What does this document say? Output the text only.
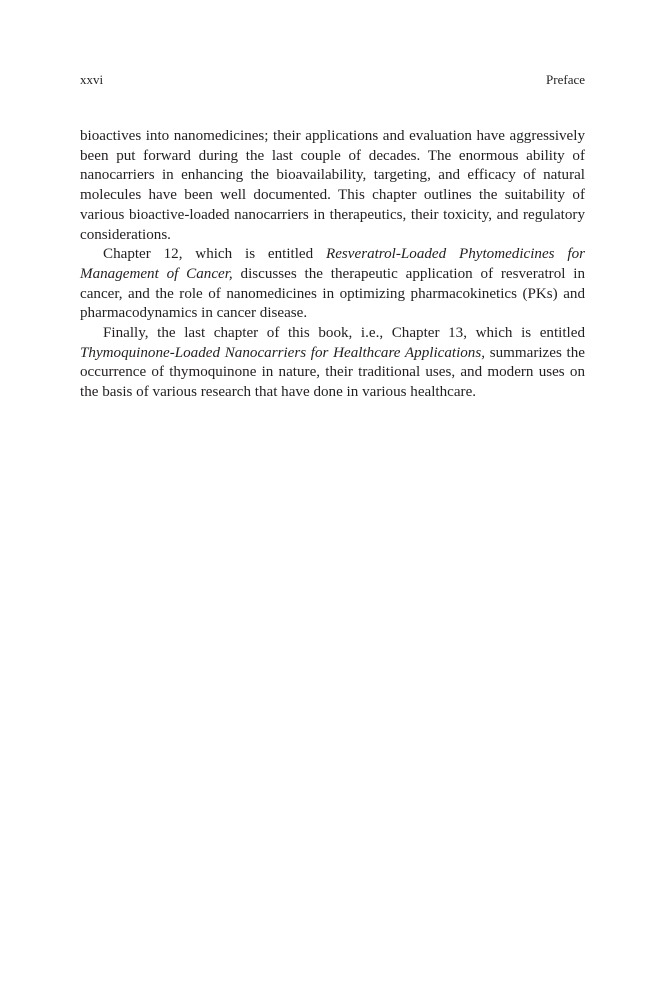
xxvi	Preface

bioactives into nanomedicines; their applications and evaluation have aggressively been put forward during the last couple of decades. The enormous ability of nanocarriers in enhancing the bioavailability, targeting, and efficacy of natural molecules have been well documented. This chapter outlines the suitability of various bioactive-loaded nanocarriers in therapeutics, their toxicity, and regulatory considerations.

Chapter 12, which is entitled Resveratrol-Loaded Phytomedicines for Management of Cancer, discusses the therapeutic application of resveratrol in cancer, and the role of nanomedicines in optimizing pharmacokinetics (PKs) and pharmacodynamics in cancer disease.

Finally, the last chapter of this book, i.e., Chapter 13, which is entitled Thymoquinone-Loaded Nanocarriers for Healthcare Applications, summarizes the occurrence of thymoquinone in nature, their traditional uses, and modern uses on the basis of various research that have done in various healthcare.
